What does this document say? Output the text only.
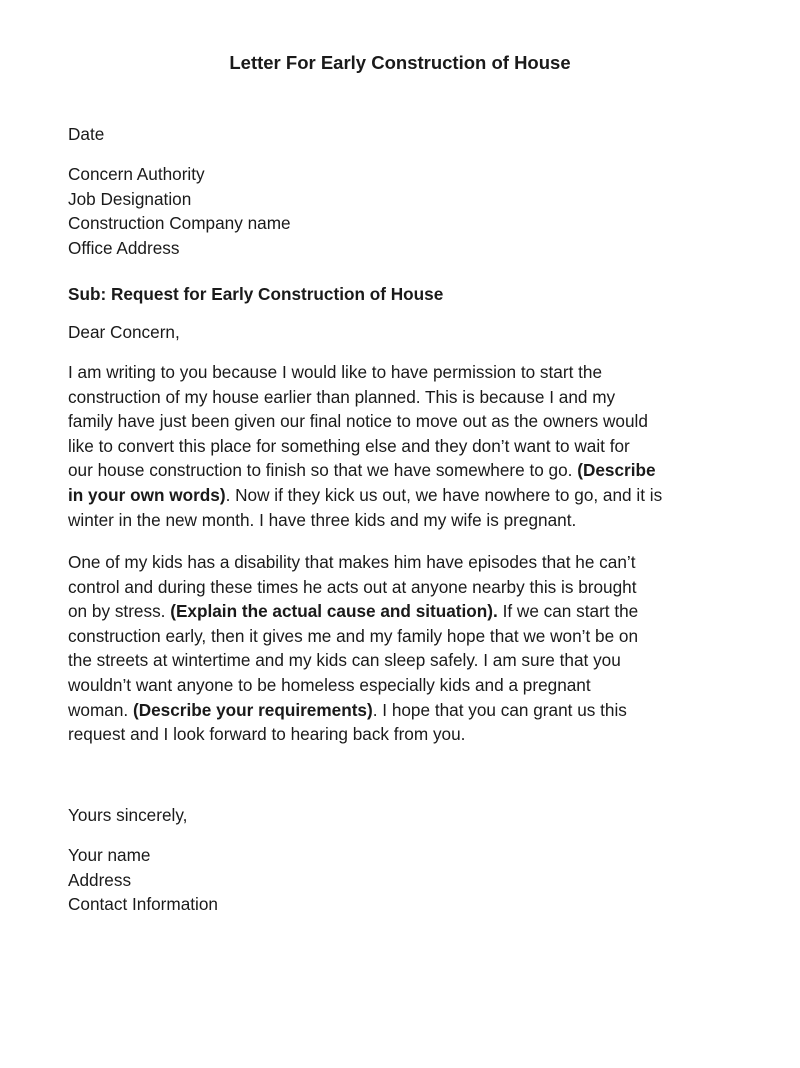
Letter For Early Construction of House
Date
Concern Authority
Job Designation
Construction Company name
Office Address
Sub: Request for Early Construction of House
Dear Concern,
I am writing to you because I would like to have permission to start the
construction of my house earlier than planned. This is because I and my
family have just been given our final notice to move out as the owners would
like to convert this place for something else and they don’t want to wait for
our house construction to finish so that we have somewhere to go. (Describe
in your own words). Now if they kick us out, we have nowhere to go, and it is
winter in the new month. I have three kids and my wife is pregnant.
One of my kids has a disability that makes him have episodes that he can’t
control and during these times he acts out at anyone nearby this is brought
on by stress. (Explain the actual cause and situation). If we can start the
construction early, then it gives me and my family hope that we won’t be on
the streets at wintertime and my kids can sleep safely. I am sure that you
wouldn’t want anyone to be homeless especially kids and a pregnant
woman. (Describe your requirements). I hope that you can grant us this
request and I look forward to hearing back from you.
Yours sincerely,
Your name
Address
Contact Information
